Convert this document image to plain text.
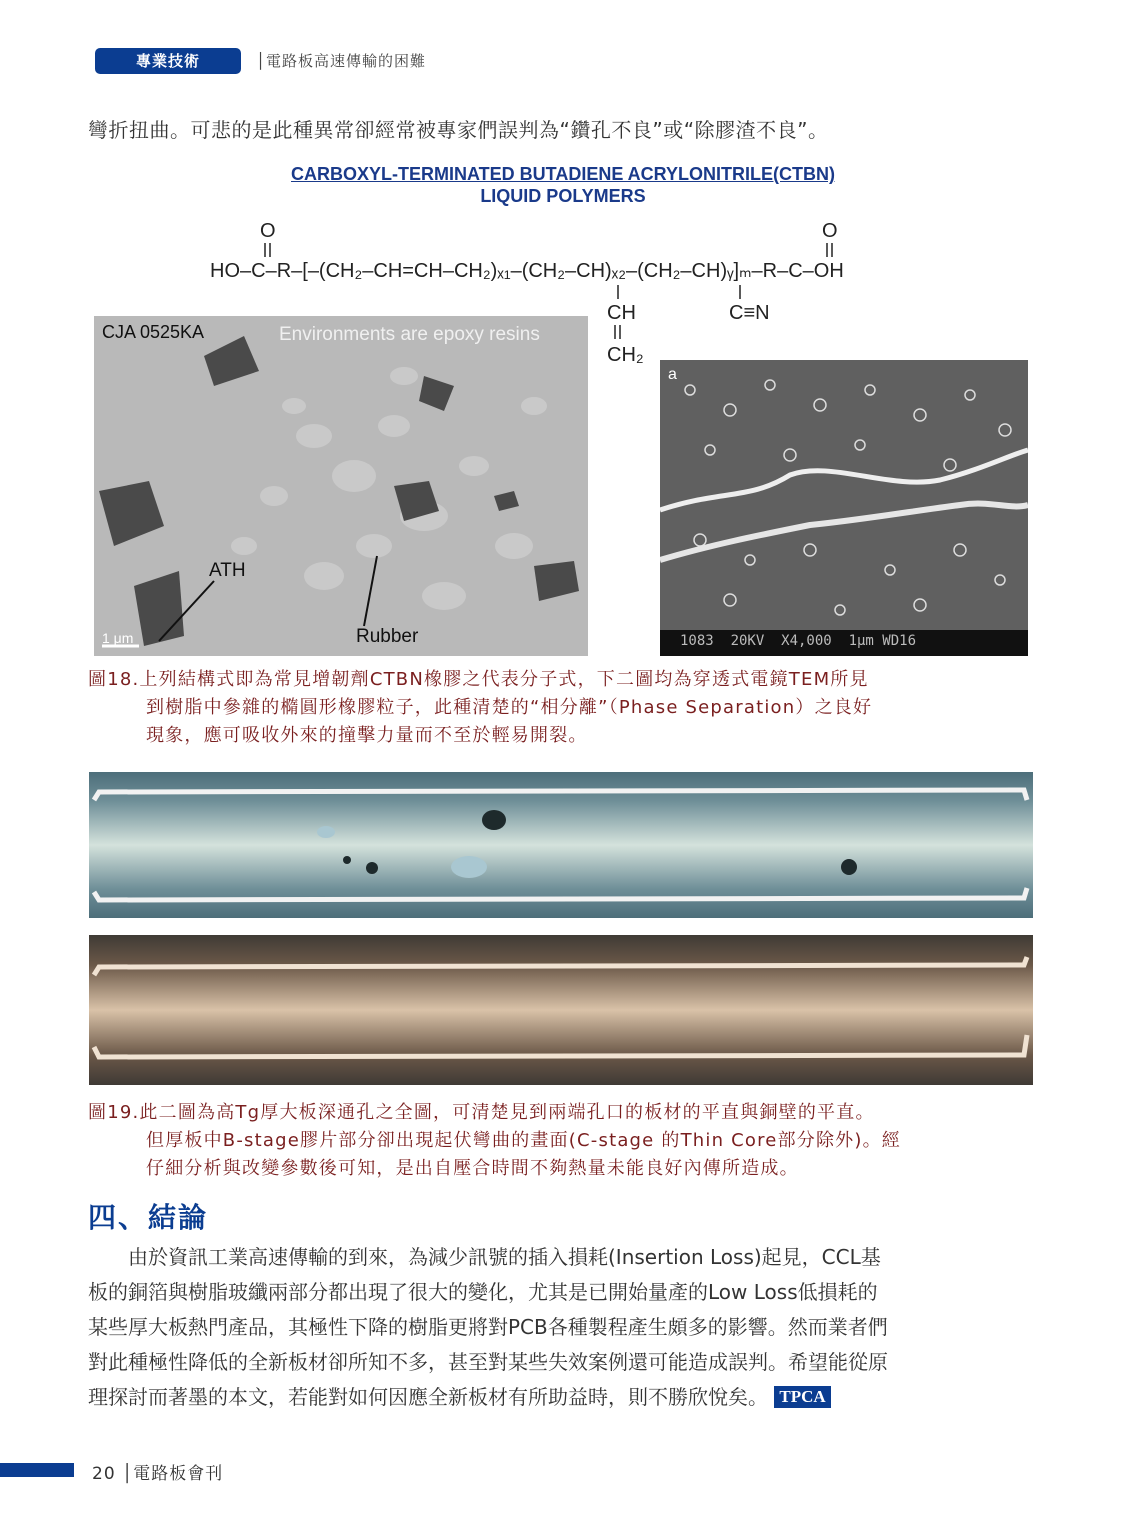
專業技術	│電路板高速傳輸的困難
彎折扭曲。可悲的是此種異常卻經常被專家們誤判為“鑽孔不良”或“除膠渣不良”。
CARBOXYL-TERMINATED BUTADIENE ACRYLONITRILE(CTBN)
LIQUID POLYMERS
O
HO–C–R–[–(CH₂–CH=CH–CH₂)ₓ₁–(CH₂–CH)ₓ₂–(CH₂–CH)ᵧ]ₘ–R–C–OH
O
CH
CH₂
C≡N
CJA 0525KA	Environments are epoxy resins
ATH
Rubber
1 μm
a
1083  20KV  X4,000  1μm WD16
圖18.上列結構式即為常見增韌劑CTBN橡膠之代表分子式，下二圖均為穿透式電鏡TEM所見
到樹脂中參雜的橢圓形橡膠粒子，此種清楚的“相分離”（Phase Separation）之良好
現象，應可吸收外來的撞擊力量而不至於輕易開裂。
圖19.此二圖為高Tg厚大板深通孔之全圖，可清楚見到兩端孔口的板材的平直與銅壁的平直。
但厚板中B-stage膠片部分卻出現起伏彎曲的畫面(C-stage 的Thin Core部分除外)。經
仔細分析與改變參數後可知，是出自壓合時間不夠熱量未能良好內傳所造成。
四、結論
　　由於資訊工業高速傳輸的到來，為減少訊號的插入損耗(Insertion Loss)起見，CCL基
板的銅箔與樹脂玻纖兩部分都出現了很大的變化，尤其是已開始量產的Low Loss低損耗的
某些厚大板熱門產品，其極性下降的樹脂更將對PCB各種製程產生頗多的影響。然而業者們
對此種極性降低的全新板材卻所知不多，甚至對某些失效案例還可能造成誤判。希望能從原
理探討而著墨的本文，若能對如何因應全新板材有所助益時，則不勝欣悅矣。 TPCA
20 │電路板會刊
